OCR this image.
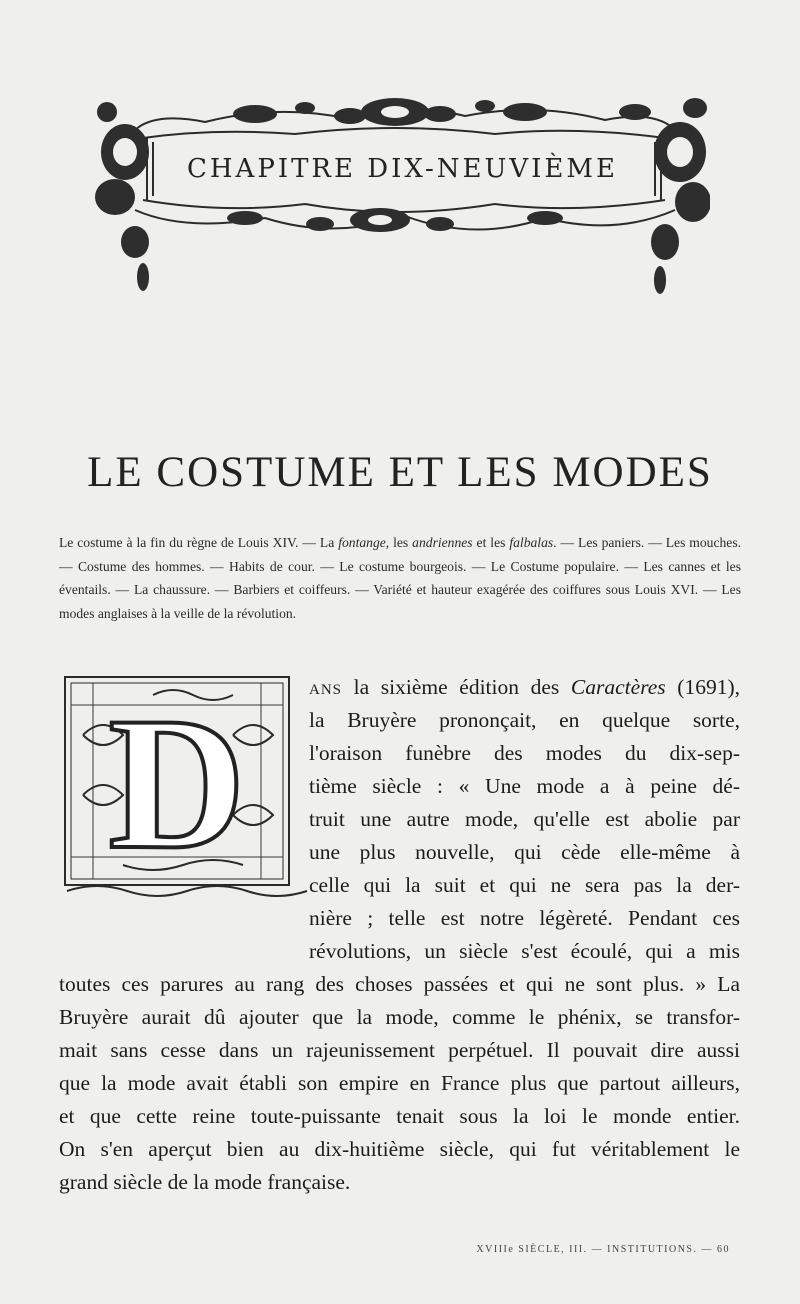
CHAPITRE DIX-NEUVIÈME
LE COSTUME ET LES MODES
Le costume à la fin du règne de Louis XIV. — La fontange, les andriennes et les falbalas. — Les paniers. — Les mouches. — Costume des hommes. — Habits de cour. — Le costume bourgeois. — Le Costume populaire. — Les cannes et les éventails. — La chaussure. — Barbiers et coiffeurs. — Variété et hauteur exagérée des coiffures sous Louis XVI. — Les modes anglaises à la veille de la révolution.
D	ans la sixième édition des Caractères (1691),
la Bruyère prononçait, en quelque sorte,
l'oraison funèbre des modes du dix-sep-
tième siècle : « Une mode a à peine dé-
truit une autre mode, qu'elle est abolie par
une plus nouvelle, qui cède elle-même à
celle qui la suit et qui ne sera pas la der-
nière ; telle est notre légèreté. Pendant ces
révolutions, un siècle s'est écoulé, qui a mis
toutes ces parures au rang des choses passées et qui ne sont plus. » La
Bruyère aurait dû ajouter que la mode, comme le phénix, se transfor-
mait sans cesse dans un rajeunissement perpétuel. Il pouvait dire aussi
que la mode avait établi son empire en France plus que partout ailleurs,
et que cette reine toute-puissante tenait sous la loi le monde entier.
On s'en aperçut bien au dix-huitième siècle, qui fut véritablement le
grand siècle de la mode française.
XVIIIe SIÈCLE, III. — INSTITUTIONS. — 60
